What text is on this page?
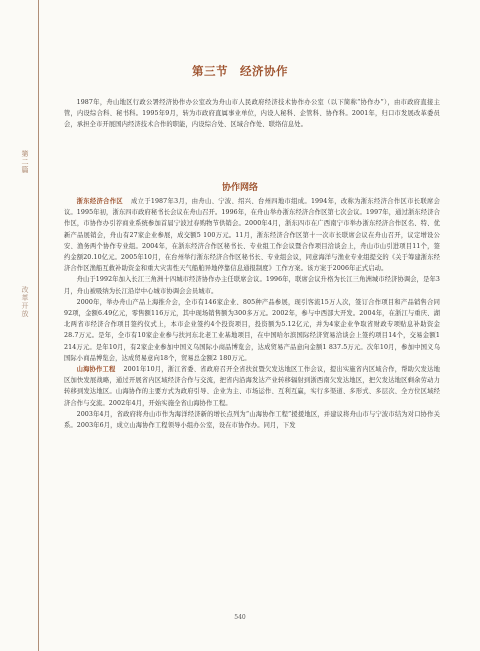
第
二
篇
改
革
开
放
第三节 经济协作

1987年，舟山地区行政公署经济协作办公室改为舟山市人民政府经济技术协作办公室（以下简称“协作办”），由市政府直接主管，内设综合科、秘书科。1995年9月，转为市政府直属事业单位，内设人秘科、企管科、协作科。2001年，归口市发展改革委员会，承担全市开展国内经济技术合作的职能，内设综合处、区域合作处、联络信息处。

协作网络

浙东经济合作区 成立于1987年3月，由舟山、宁波、绍兴、台州四地市组成。1994年，改称为浙东经济合作区市长联席会议。1995年初，浙东四市政府秘书长会议在舟山召开。1996年，在舟山举办浙东经济合作区第七次会议。1997年，通过浙东经济合作区，市协作办引荐商业系统参加首届宁波过春购物节供销会。2000年4月，浙东四市在广西南宁市举办浙东经济合作区名、特、优新产品展销会，舟山有27家企业参展，成交额5 100万元。11月，浙东经济合作区第十一次市长联席会议在舟山召开，议定增设公安、渔务两个协作专业组。2004年，在浙东经济合作区秘书长、专业组工作会议暨合作项目洽谈会上，舟山市山引进项目11个，签约金额20.10亿元。2005年10月，在台州举行浙东经济合作区秘书长、专业组会议，同意海洋与渔业专业组提交的《关于筹建浙东经济合作区渔船互救补助资金和重大灾害性天气船舶异地停靠信息通报制度》工作方案。该方案于2006年正式启动。

舟山于1992年加入长江三角洲十四城市经济协作办主任联席会议。1996年，联席会议升格为长江三角洲城市经济协调会，是年3月，舟山被吸纳为长江沿岸中心城市协调会会员城市。

2000年，举办舟山产品上海推介会，全市有146家企业、805种产品参展，现引客流15万人次，签订合作项目和产品销售合同92项，金额6.49亿元，零售额116万元，其中现场销售额为300多万元。2002年，参与中西部大开发。2004年，在浙江与重庆、湖北两省市经济合作项目签约仪式上，本市企业签约4个投资项目，投资额为5.12亿元，并为4家企业争取省财政专项贴息补助资金28.7万元。是年，全市有10家企业参与扶河东北老工业基地项目，在中国哈尔滨国际经济贸易洽谈会上签约项目14个，交易金额1 214万元。是年10月，有2家企业参加中国义乌国际小商品博览会，达成贸易产品意向金额1 837.5万元。次年10月，参加中国义乌国际小商品博览会，达成贸易意向18个，贸易总金额2 180万元。

山海协作工程 2001年10月，浙江省委、省政府召开全省扶贫暨欠发达地区工作会议，提出实施省内区域合作，帮助欠发达地区加快发展战略，通过开展省内区域经济合作与交流，把省内沿海发达产业转移辐射到浙西南欠发达地区，把欠发达地区剩余劳动力转移到发达地区。山海协作的主要方式为政府引导、企业为主、市场运作、互利互赢，实行多渠道、多形式、多层次、全方位区域经济合作与交流。2002年4月，开始实施全省山海协作工程。

2003年4月，省政府将舟山市作为海洋经济新的增长点列为“山海协作工程”援援地区，并建议将舟山市与宁波市结为对口协作关系。2003年6月，成立山海协作工程领导小组办公室，设在市协作办。同月，下发

540
